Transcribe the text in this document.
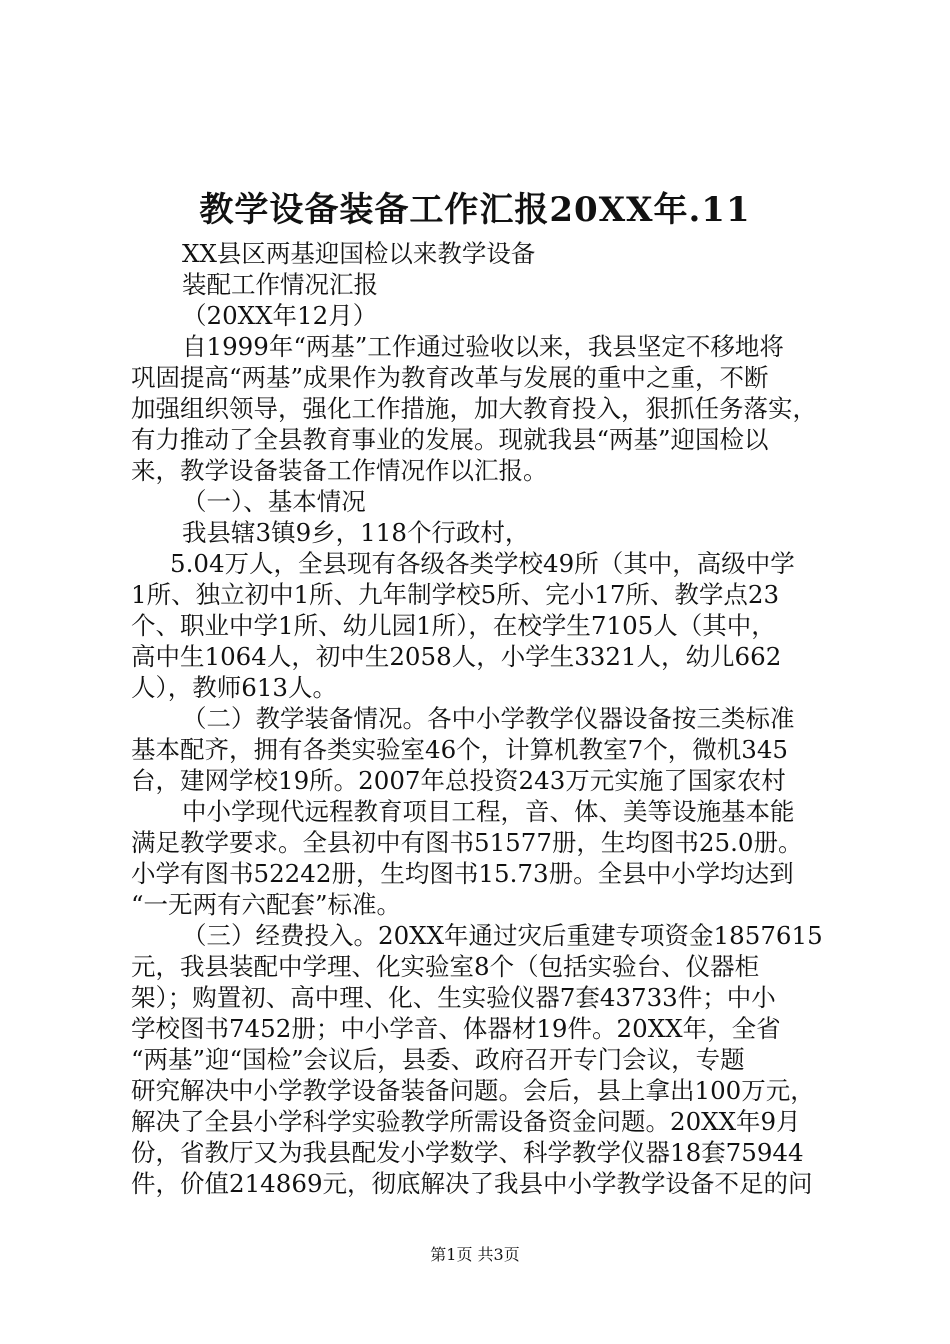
教学设备装备工作汇报20XX年.11
XX县区两基迎国检以来教学设备
装配工作情况汇报
（20XX年12月）
自1999年“两基”工作通过验收以来，我县坚定不移地将
巩固提高“两基”成果作为教育改革与发展的重中之重，不断
加强组织领导，强化工作措施，加大教育投入，狠抓任务落实，
有力推动了全县教育事业的发展。现就我县“两基”迎国检以
来，教学设备装备工作情况作以汇报。
（一）、基本情况
我县辖3镇9乡，118个行政村，
5.04万人，全县现有各级各类学校49所（其中，高级中学
1所、独立初中1所、九年制学校5所、完小17所、教学点23
个、职业中学1所、幼儿园1所），在校学生7105人（其中，
高中生1064人，初中生2058人，小学生3321人，幼儿662
人），教师613人。
（二）教学装备情况。各中小学教学仪器设备按三类标准
基本配齐，拥有各类实验室46个，计算机教室7个，微机345
台，建网学校19所。2007年总投资243万元实施了国家农村
中小学现代远程教育项目工程，音、体、美等设施基本能
满足教学要求。全县初中有图书51577册，生均图书25.0册。
小学有图书52242册，生均图书15.73册。全县中小学均达到
“一无两有六配套”标准。
（三）经费投入。20XX年通过灾后重建专项资金1857615
元，我县装配中学理、化实验室8个（包括实验台、仪器柜
架）；购置初、高中理、化、生实验仪器7套43733件；中小
学校图书7452册；中小学音、体器材19件。20XX年，全省
“两基”迎“国检”会议后，县委、政府召开专门会议，专题
研究解决中小学教学设备装备问题。会后，县上拿出100万元，
解决了全县小学科学实验教学所需设备资金问题。20XX年9月
份，省教厅又为我县配发小学数学、科学教学仪器18套75944
件，价值214869元，彻底解决了我县中小学教学设备不足的问
第1页 共3页
